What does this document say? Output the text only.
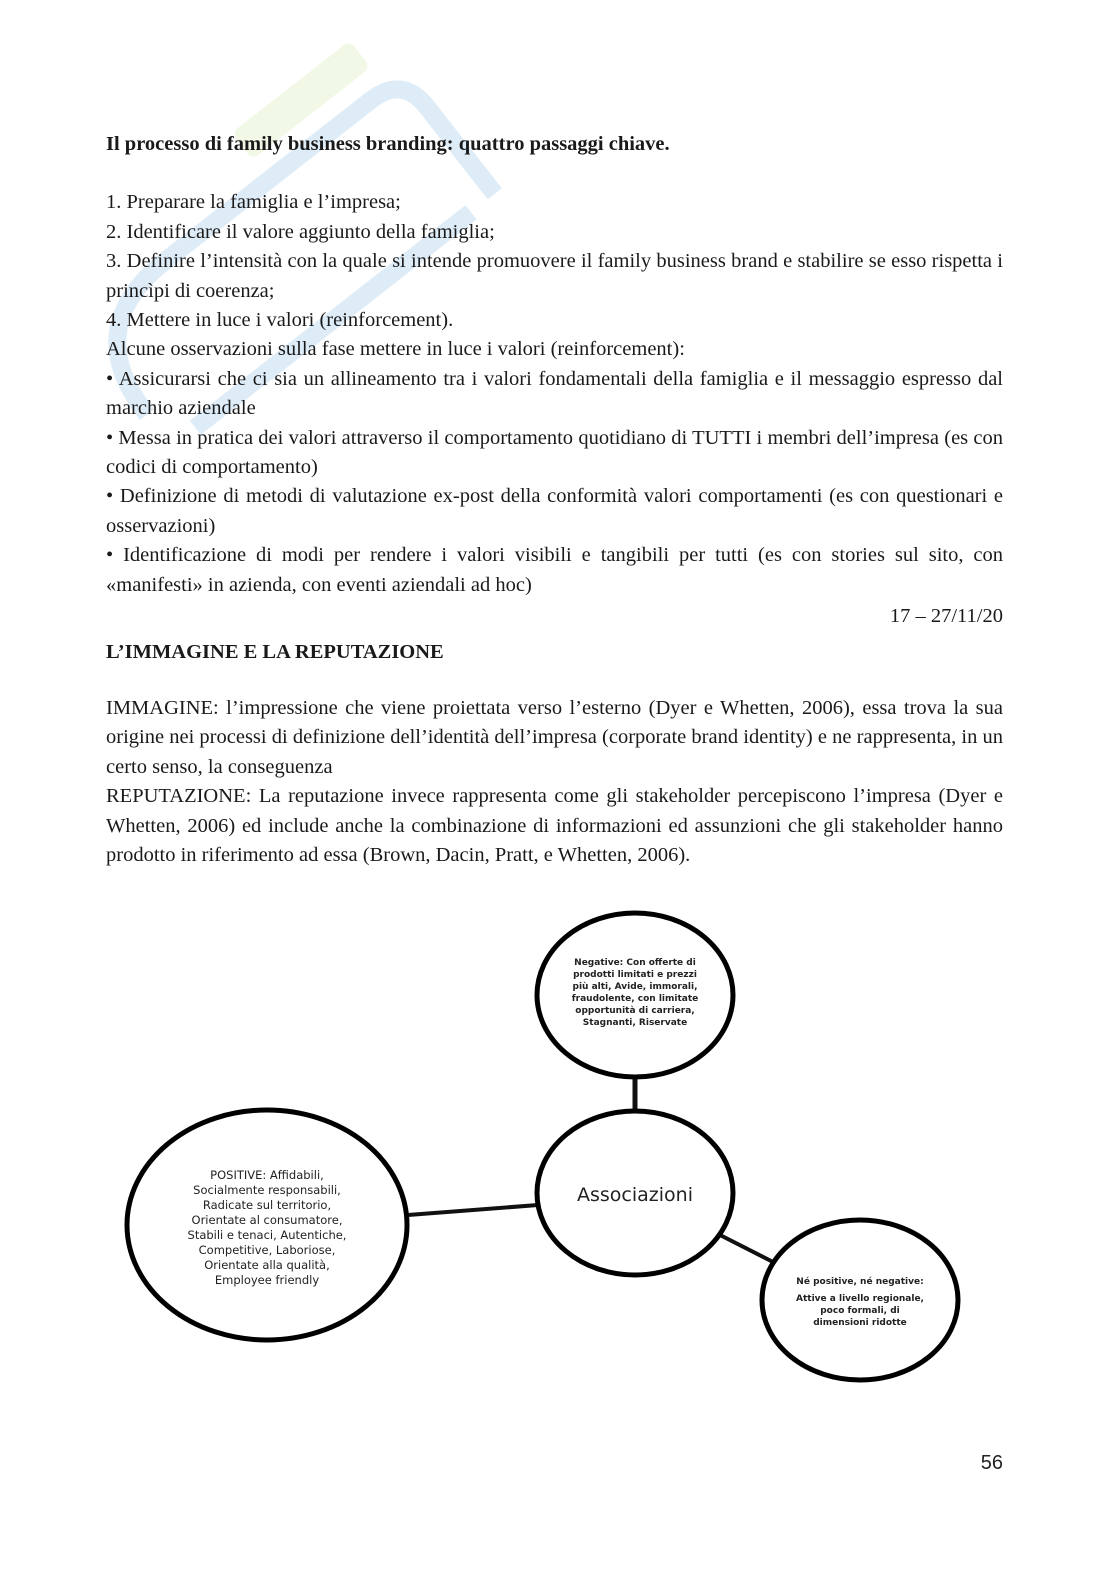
Il processo di family business branding: quattro passaggi chiave.

1. Preparare la famiglia e l’impresa;

2. Identificare il valore aggiunto della famiglia;

3. Definire l’intensità con la quale si intende promuovere il family business brand e stabilire se esso rispetta i princìpi di coerenza;

4. Mettere in luce i valori (reinforcement).

Alcune osservazioni sulla fase mettere in luce i valori (reinforcement):

• Assicurarsi che ci sia un allineamento tra i valori fondamentali della famiglia e il messaggio espresso dal marchio aziendale

• Messa in pratica dei valori attraverso il comportamento quotidiano di TUTTI i membri dell’impresa (es con codici di comportamento)

• Definizione di metodi di valutazione ex-post della conformità valori comportamenti (es con questionari e osservazioni)

• Identificazione di modi per rendere i valori visibili e tangibili per tutti (es con stories sul sito, con «manifesti» in azienda, con eventi aziendali ad hoc)

17 – 27/11/20

L’IMMAGINE E LA REPUTAZIONE

IMMAGINE: l’impressione che viene proiettata verso l’esterno (Dyer e Whetten, 2006), essa trova la sua origine nei processi di definizione dell’identità dell’impresa (corporate brand identity) e ne rappresenta, in un certo senso, la conseguenza

REPUTAZIONE: La reputazione invece rappresenta come gli stakeholder percepiscono l’impresa (Dyer e Whetten, 2006) ed include anche la combinazione di informazioni ed assunzioni che gli stakeholder hanno prodotto in riferimento ad essa (Brown, Dacin, Pratt, e Whetten, 2006).

Associazioni
Negative: Con offerte di
prodotti limitati e prezzi
più alti, Avide, immorali,
fraudolente, con limitate
opportunità di carriera,
Stagnanti, Riservate
POSITIVE: Affidabili,
Socialmente responsabili,
Radicate sul territorio,
Orientate al consumatore,
Stabili e tenaci, Autentiche,
Competitive, Laboriose,
Orientate alla qualità,
Employee friendly	Né positive, né negative:
Attive a livello regionale,
poco formali, di
dimensioni ridotte
56
